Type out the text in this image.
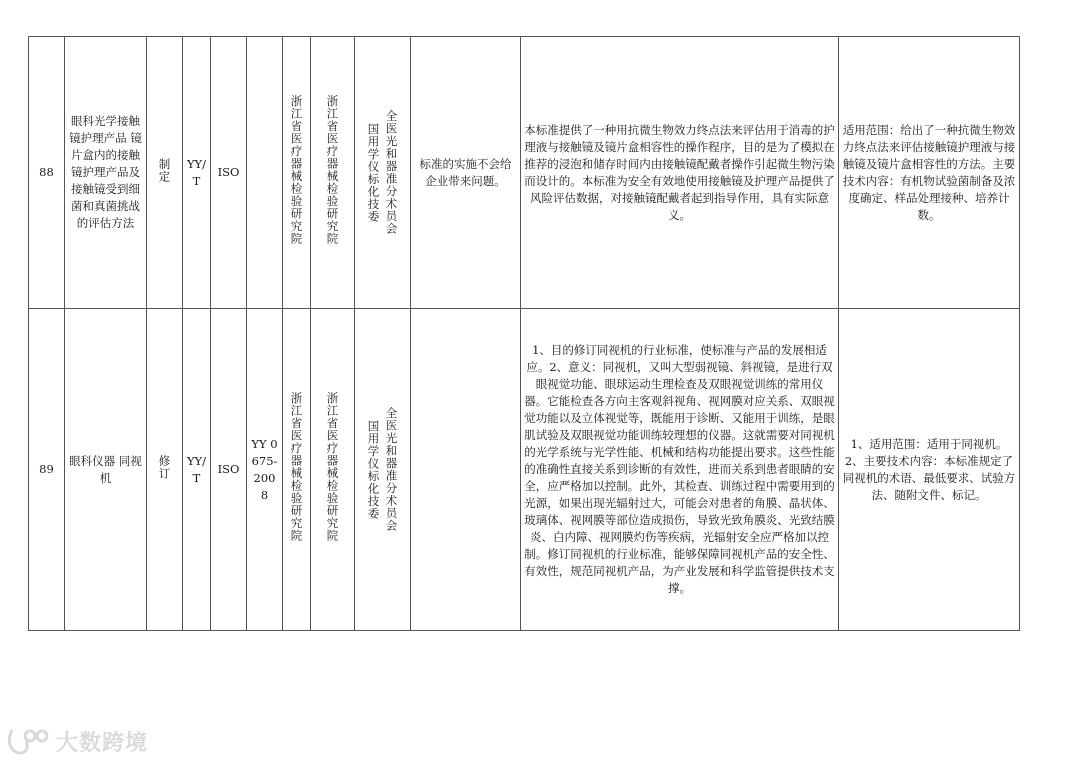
88	眼科光学接触镜护理产品 镜片盒内的接触镜护理产品及接触镜受到细菌和真菌挑战的评估方法	制定	YY/T	ISO		浙江省医疗器械检验研究院	浙江省医疗器械检验研究院	全医光和器准分术员会
国用学仪标化技委	标准的实施不会给企业带来问题。	本标准提供了一种用抗微生物效力终点法来评估用于消毒的护理液与接触镜及镜片盒相容性的操作程序，目的是为了模拟在推荐的浸泡和储存时间内由接触镜配戴者操作引起微生物污染而设计的。本标准为安全有效地使用接触镜及护理产品提供了风险评估数据，对接触镜配戴者起到指导作用，具有实际意义。	适用范围：给出了一种抗微生物效力终点法来评估接触镜护理液与接触镜及镜片盒相容性的方法。主要技术内容：有机物试验菌制备及浓度确定、样品处理接种、培养计数。
89	眼科仪器 同视机	修订	YY/T	ISO	YY 0675-2008	浙江省医疗器械检验研究院	浙江省医疗器械检验研究院	全医光和器准分术员会
国用学仪标化技委		1、目的修订同视机的行业标准，使标准与产品的发展相适 应。2、意义：同视机，又叫大型弱视镜、斜视镜，是进行双眼视觉功能、眼球运动生理检查及双眼视觉训练的常用仪 器。它能检查各方向主客观斜视角、视网膜对应关系、双眼视觉功能以及立体视觉等，既能用于诊断、又能用于训练，是眼肌试验及双眼视觉功能训练较理想的仪器。这就需要对同视机的光学系统与光学性能、机械和结构功能提出要求。这些性能的准确性直接关系到诊断的有效性，进而关系到患者眼睛的安全，应严格加以控制。此外，其检查、训练过程中需要用到的光源，如果出现光辐射过大，可能会对患者的角膜、晶状体、玻璃体、视网膜等部位造成损伤，导致光致角膜炎、光致结膜炎、白内障、视网膜灼伤等疾病，光辐射安全应严格加以控制。修订同视机的行业标准，能够保障同视机产品的安全性、有效性，规范同视机产品，为产业发展和科学监管提供技术支撑。	1、适用范围：适用于同视机。2、主要技术内容：本标准规定了同视机的术语、最低要求、试验方法、随附文件、标记。
大数跨境
